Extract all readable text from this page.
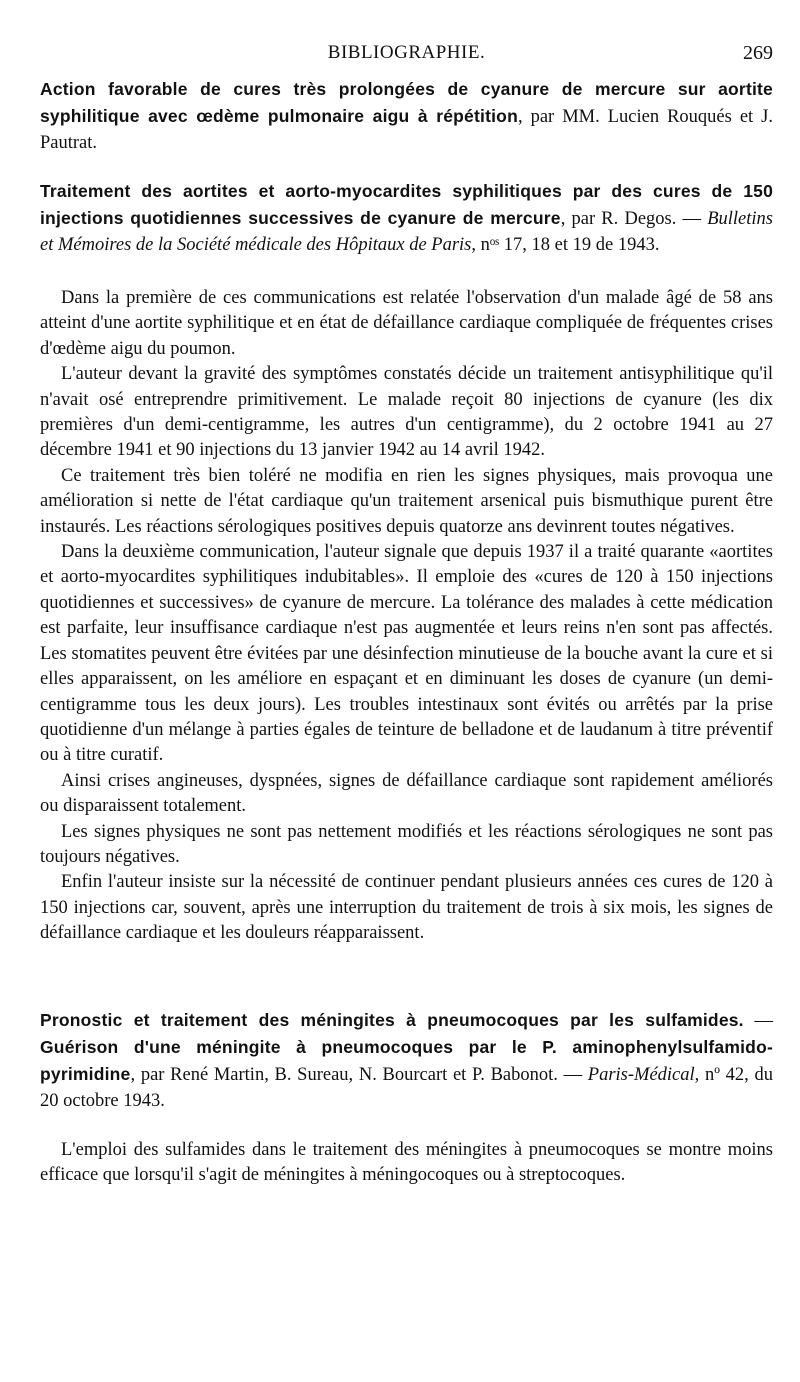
BIBLIOGRAPHIE.	269

Action favorable de cures très prolongées de cyanure de mercure sur aortite syphilitique avec œdème pulmonaire aigu à répétition, par MM. Lucien Rouqués et J. Pautrat.

Traitement des aortites et aorto-myocardites syphilitiques par des cures de 150 injections quotidiennes successives de cyanure de mercure, par R. Degos. — Bulletins et Mémoires de la Société médicale des Hôpitaux de Paris, nᵒˢ 17, 18 et 19 de 1943.

Dans la première de ces communications est relatée l'observation d'un malade âgé de 58 ans atteint d'une aortite syphilitique et en état de défaillance cardiaque compliquée de fréquentes crises d'œdème aigu du poumon.

L'auteur devant la gravité des symptômes constatés décide un traitement antisyphilitique qu'il n'avait osé entreprendre primitivement. Le malade reçoit 80 injections de cyanure (les dix premières d'un demi-centigramme, les autres d'un centigramme), du 2 octobre 1941 au 27 décembre 1941 et 90 injections du 13 janvier 1942 au 14 avril 1942.

Ce traitement très bien toléré ne modifia en rien les signes physiques, mais provoqua une amélioration si nette de l'état cardiaque qu'un traitement arsenical puis bismuthique purent être instaurés. Les réactions sérologiques positives depuis quatorze ans devinrent toutes négatives.

Dans la deuxième communication, l'auteur signale que depuis 1937 il a traité quarante «aortites et aorto-myocardites syphilitiques indubitables». Il emploie des «cures de 120 à 150 injections quotidiennes et successives» de cyanure de mercure. La tolérance des malades à cette médication est parfaite, leur insuffisance cardiaque n'est pas augmentée et leurs reins n'en sont pas affectés. Les stomatites peuvent être évitées par une désinfection minutieuse de la bouche avant la cure et si elles apparaissent, on les améliore en espaçant et en diminuant les doses de cyanure (un demi-centigramme tous les deux jours). Les troubles intestinaux sont évités ou arrêtés par la prise quotidienne d'un mélange à parties égales de teinture de belladone et de laudanum à titre préventif ou à titre curatif.

Ainsi crises angineuses, dyspnées, signes de défaillance cardiaque sont rapidement améliorés ou disparaissent totalement.

Les signes physiques ne sont pas nettement modifiés et les réactions sérologiques ne sont pas toujours négatives.

Enfin l'auteur insiste sur la nécessité de continuer pendant plusieurs années ces cures de 120 à 150 injections car, souvent, après une interruption du traitement de trois à six mois, les signes de défaillance cardiaque et les douleurs réapparaissent.

Pronostic et traitement des méningites à pneumocoques par les sulfamides. — Guérison d'une méningite à pneumocoques par le P. aminophenylsulfamido-pyrimidine, par René Martin, B. Sureau, N. Bourcart et P. Babonot. — Paris-Médical, nº 42, du 20 octobre 1943.

L'emploi des sulfamides dans le traitement des méningites à pneumocoques se montre moins efficace que lorsqu'il s'agit de méningites à méningocoques ou à streptocoques.
